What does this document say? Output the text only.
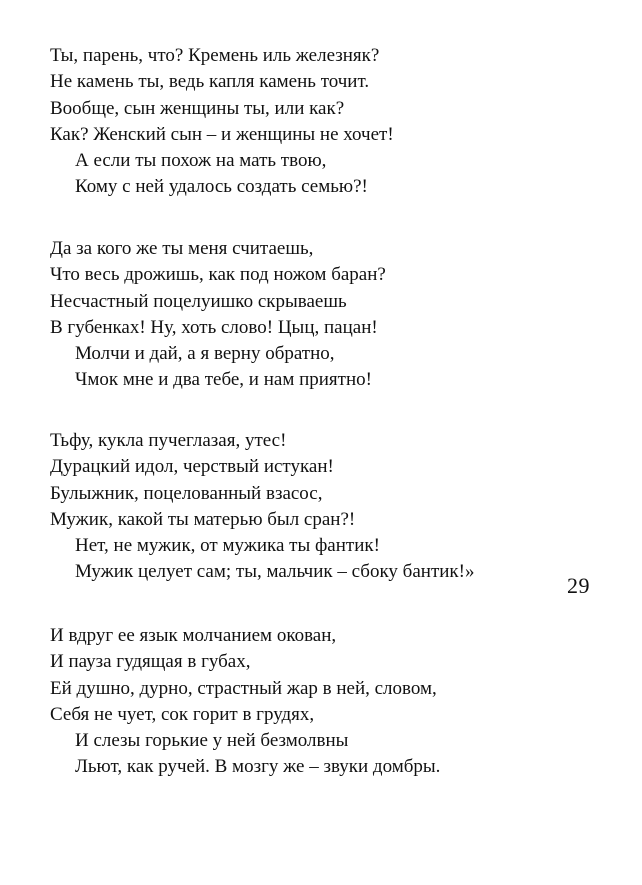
Ты, парень, что? Кремень иль железняк?
Не камень ты, ведь капля камень точит.
Вообще, сын женщины ты, или как?
Как? Женский сын – и женщины не хочет!
А если ты похож на мать твою,
Кому с ней удалось создать семью?!
Да за кого же ты меня считаешь,
Что весь дрожишь, как под ножом баран?
Несчастный поцелуишко скрываешь
В губенках! Ну, хоть слово! Цыц, пацан!
Молчи и дай, а я верну обратно,
Чмок мне и два тебе, и нам приятно!
Тьфу, кукла пучеглазая, утес!
Дурацкий идол, черствый истукан!
Булыжник, поцелованный взасос,
Мужик, какой ты матерью был сран?!
Нет, не мужик, от мужика ты фантик!
Мужик целует сам; ты, мальчик – сбоку бантик!»
29
И вдруг ее язык молчанием окован,
И пауза гудящая в губах,
Ей душно, дурно, страстный жар в ней, словом,
Себя не чует, сок горит в грудях,
И слезы горькие у ней безмолвны
Льют, как ручей. В мозгу же – звуки домбры.
